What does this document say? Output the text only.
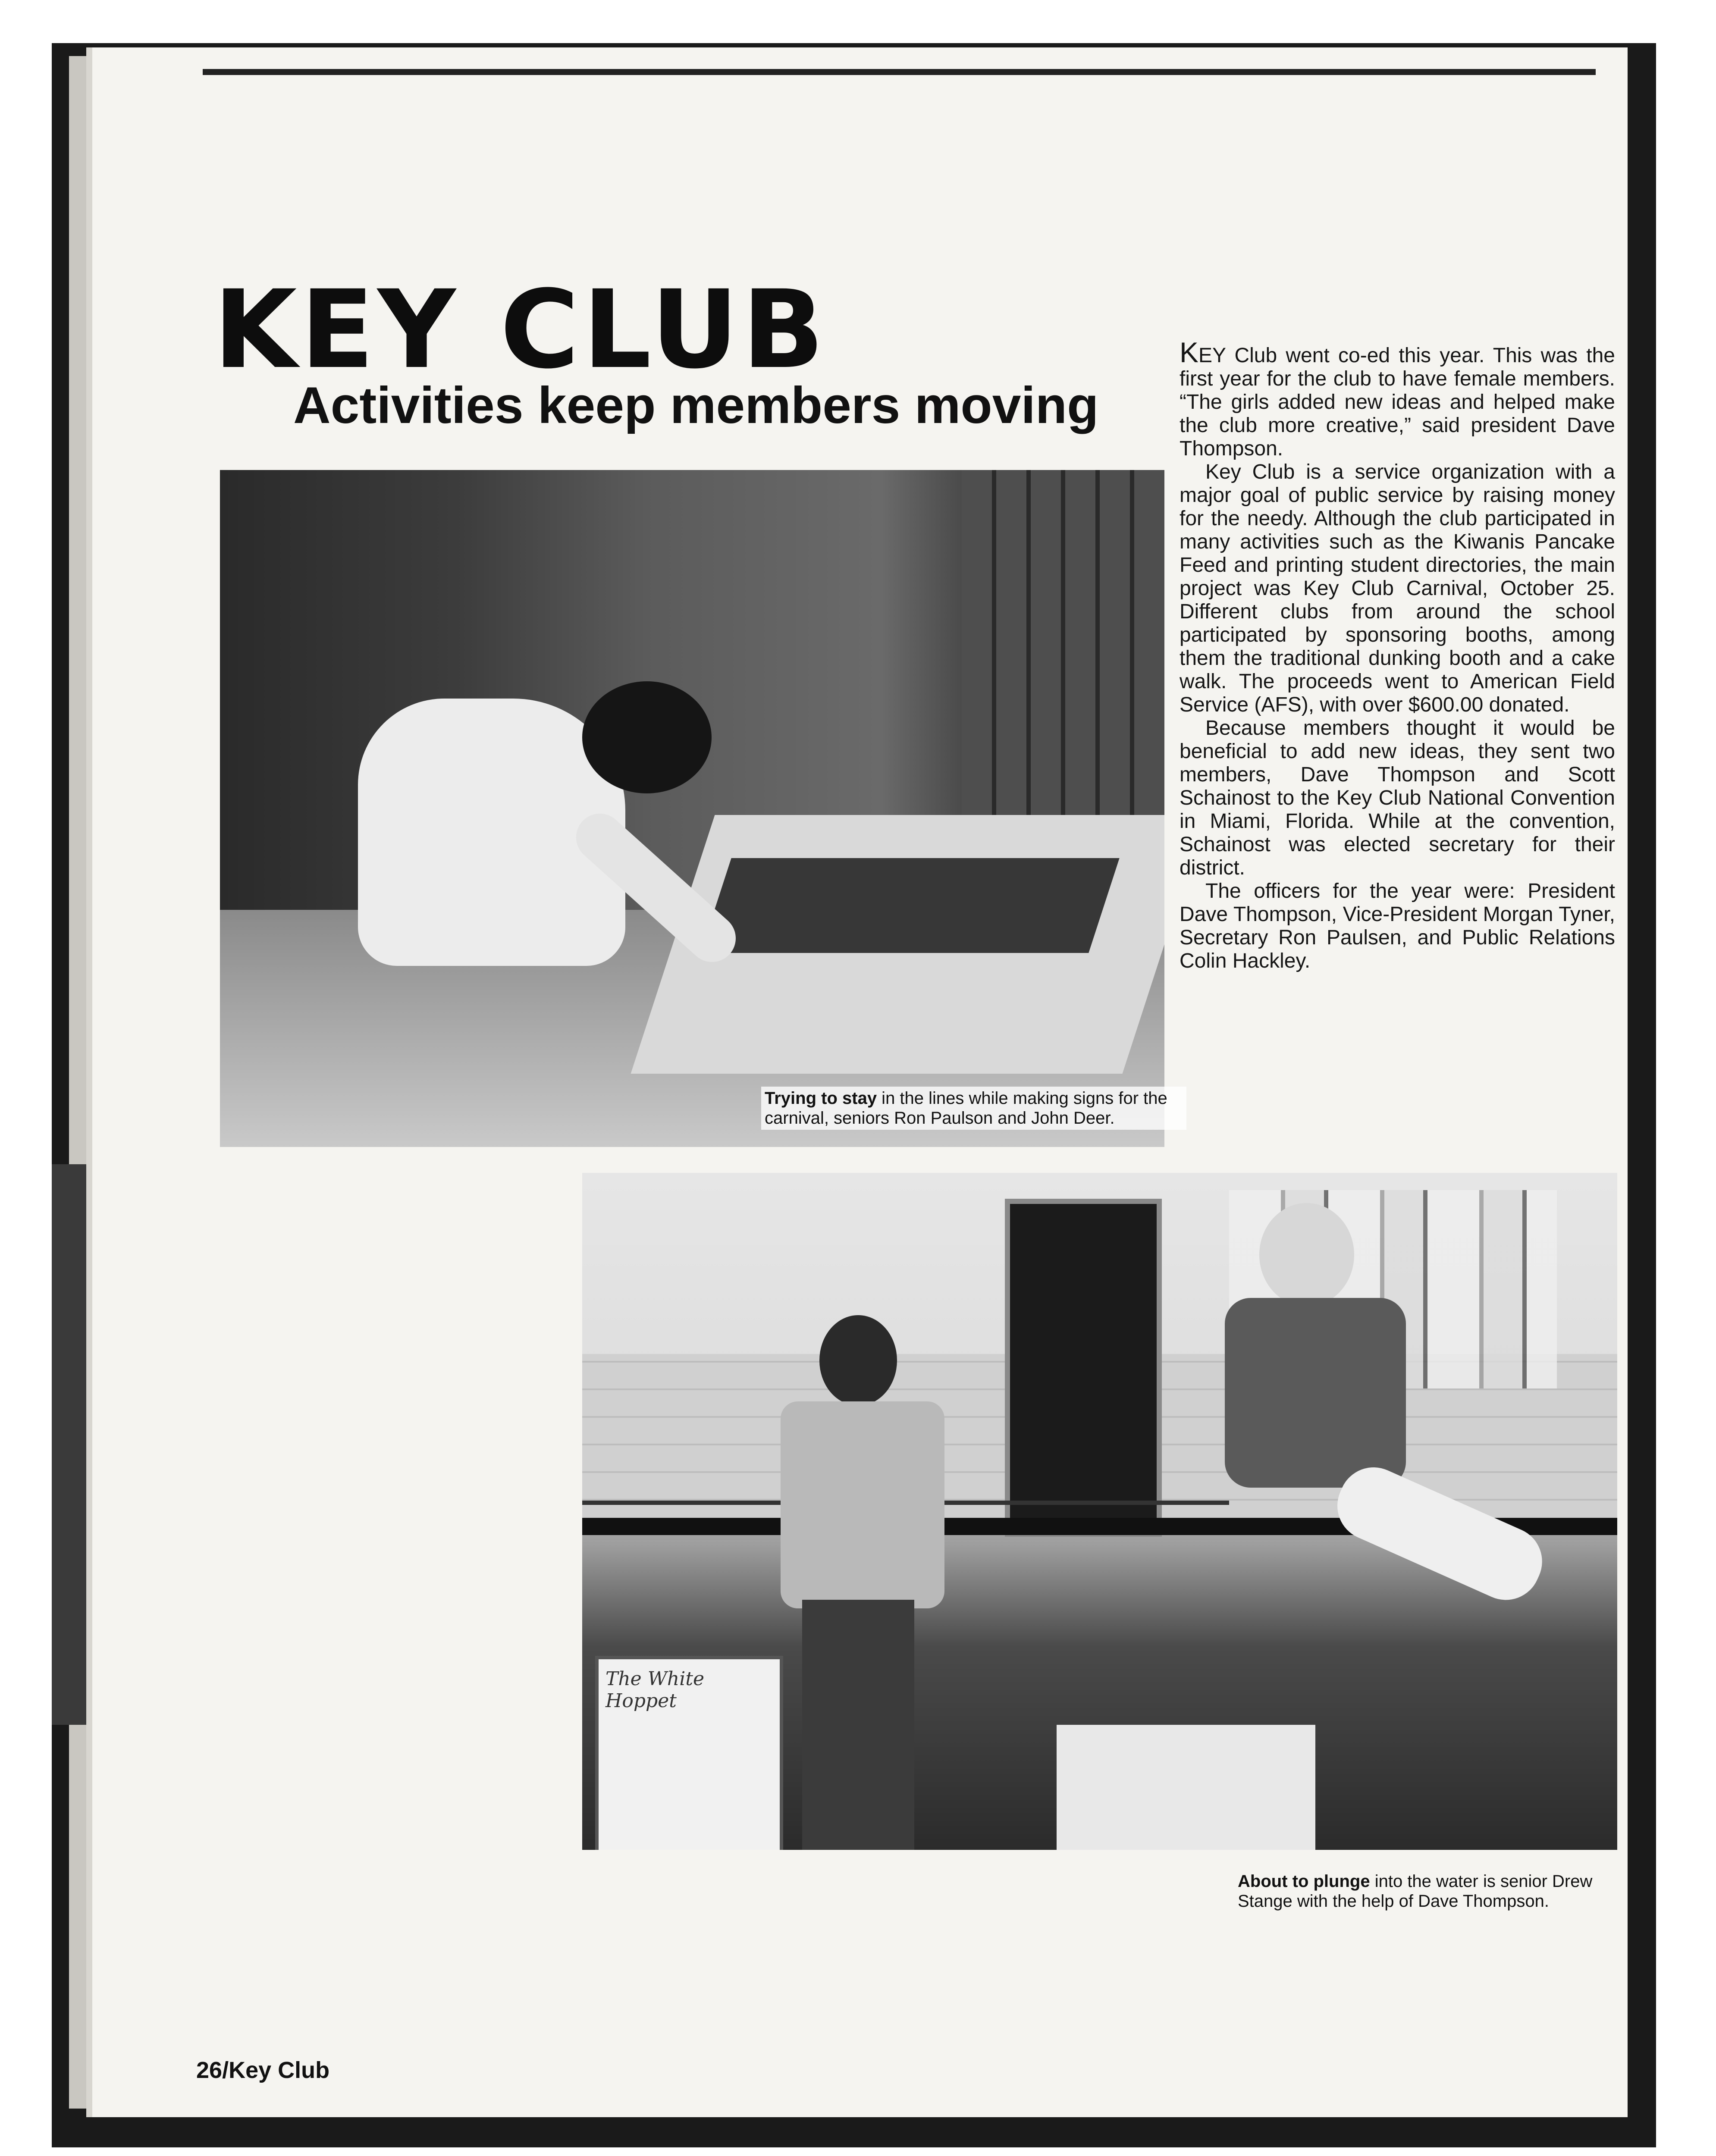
KEY CLUB
Activities keep members moving

Trying to stay in the lines while making signs for the carnival, seniors Ron Paulson and John Deer.

KEY Club went co-ed this year. This was the first year for the club to have female members. “The girls added new ideas and helped make the club more creative,” said president Dave Thompson.

Key Club is a service organization with a major goal of public service by raising money for the needy. Although the club participated in many activities such as the Kiwanis Pancake Feed and printing student directories, the main project was Key Club Carnival, October 25. Different clubs from around the school participated by sponsoring booths, among them the traditional dunking booth and a cake walk. The proceeds went to American Field Service (AFS), with over $600.00 donated.

Because members thought it would be beneficial to add new ideas, they sent two members, Dave Thompson and Scott Schainost to the Key Club National Convention in Miami, Florida. While at the convention, Schainost was elected secretary for their district.

The officers for the year were: President Dave Thompson, Vice-President Morgan Tyner, Secretary Ron Paulsen, and Public Relations Colin Hackley.

The White Hoppet

About to plunge into the water is senior Drew Stange with the help of Dave Thompson.

26/Key Club
